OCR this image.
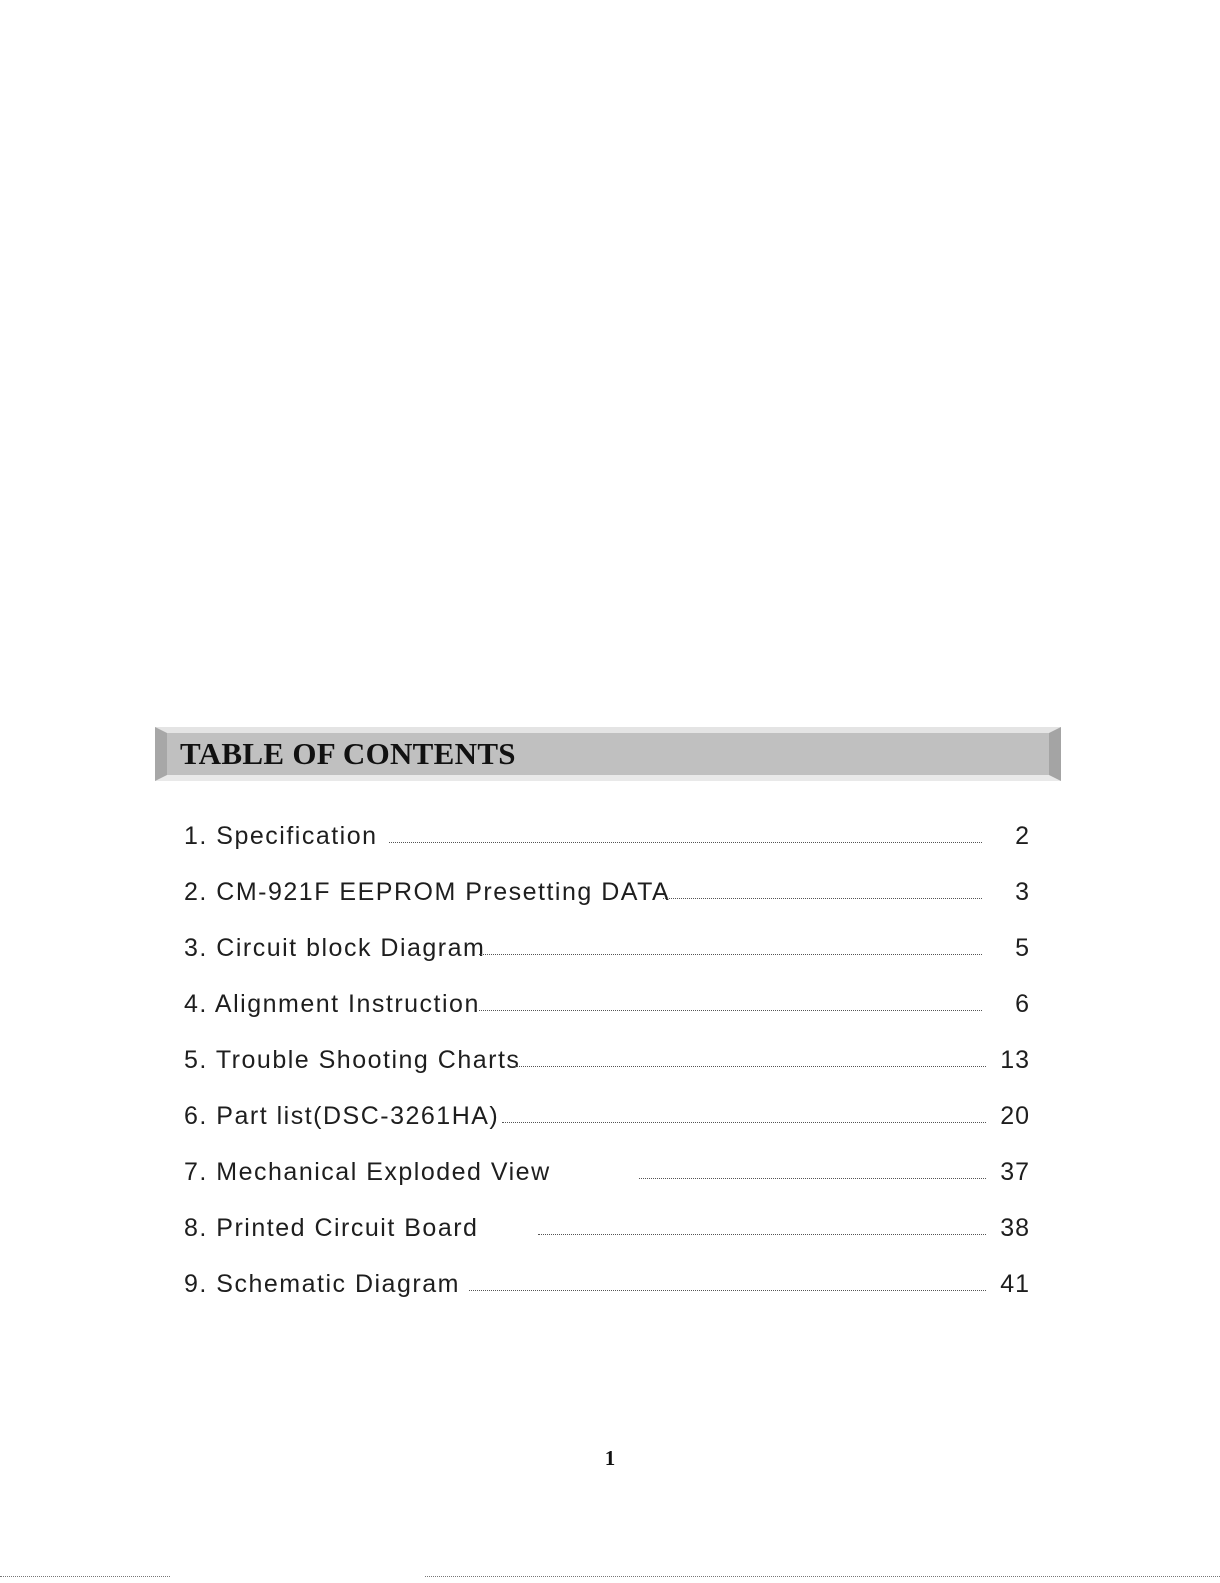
TABLE OF CONTENTS
1. Specification	2
2. CM-921F EEPROM Presetting DATA	3
3. Circuit block Diagram	5
4. Alignment Instruction	6
5. Trouble Shooting Charts	13
6. Part list(DSC-3261HA)	20
7. Mechanical Exploded View	37
8. Printed Circuit Board	38
9. Schematic Diagram	41
1
